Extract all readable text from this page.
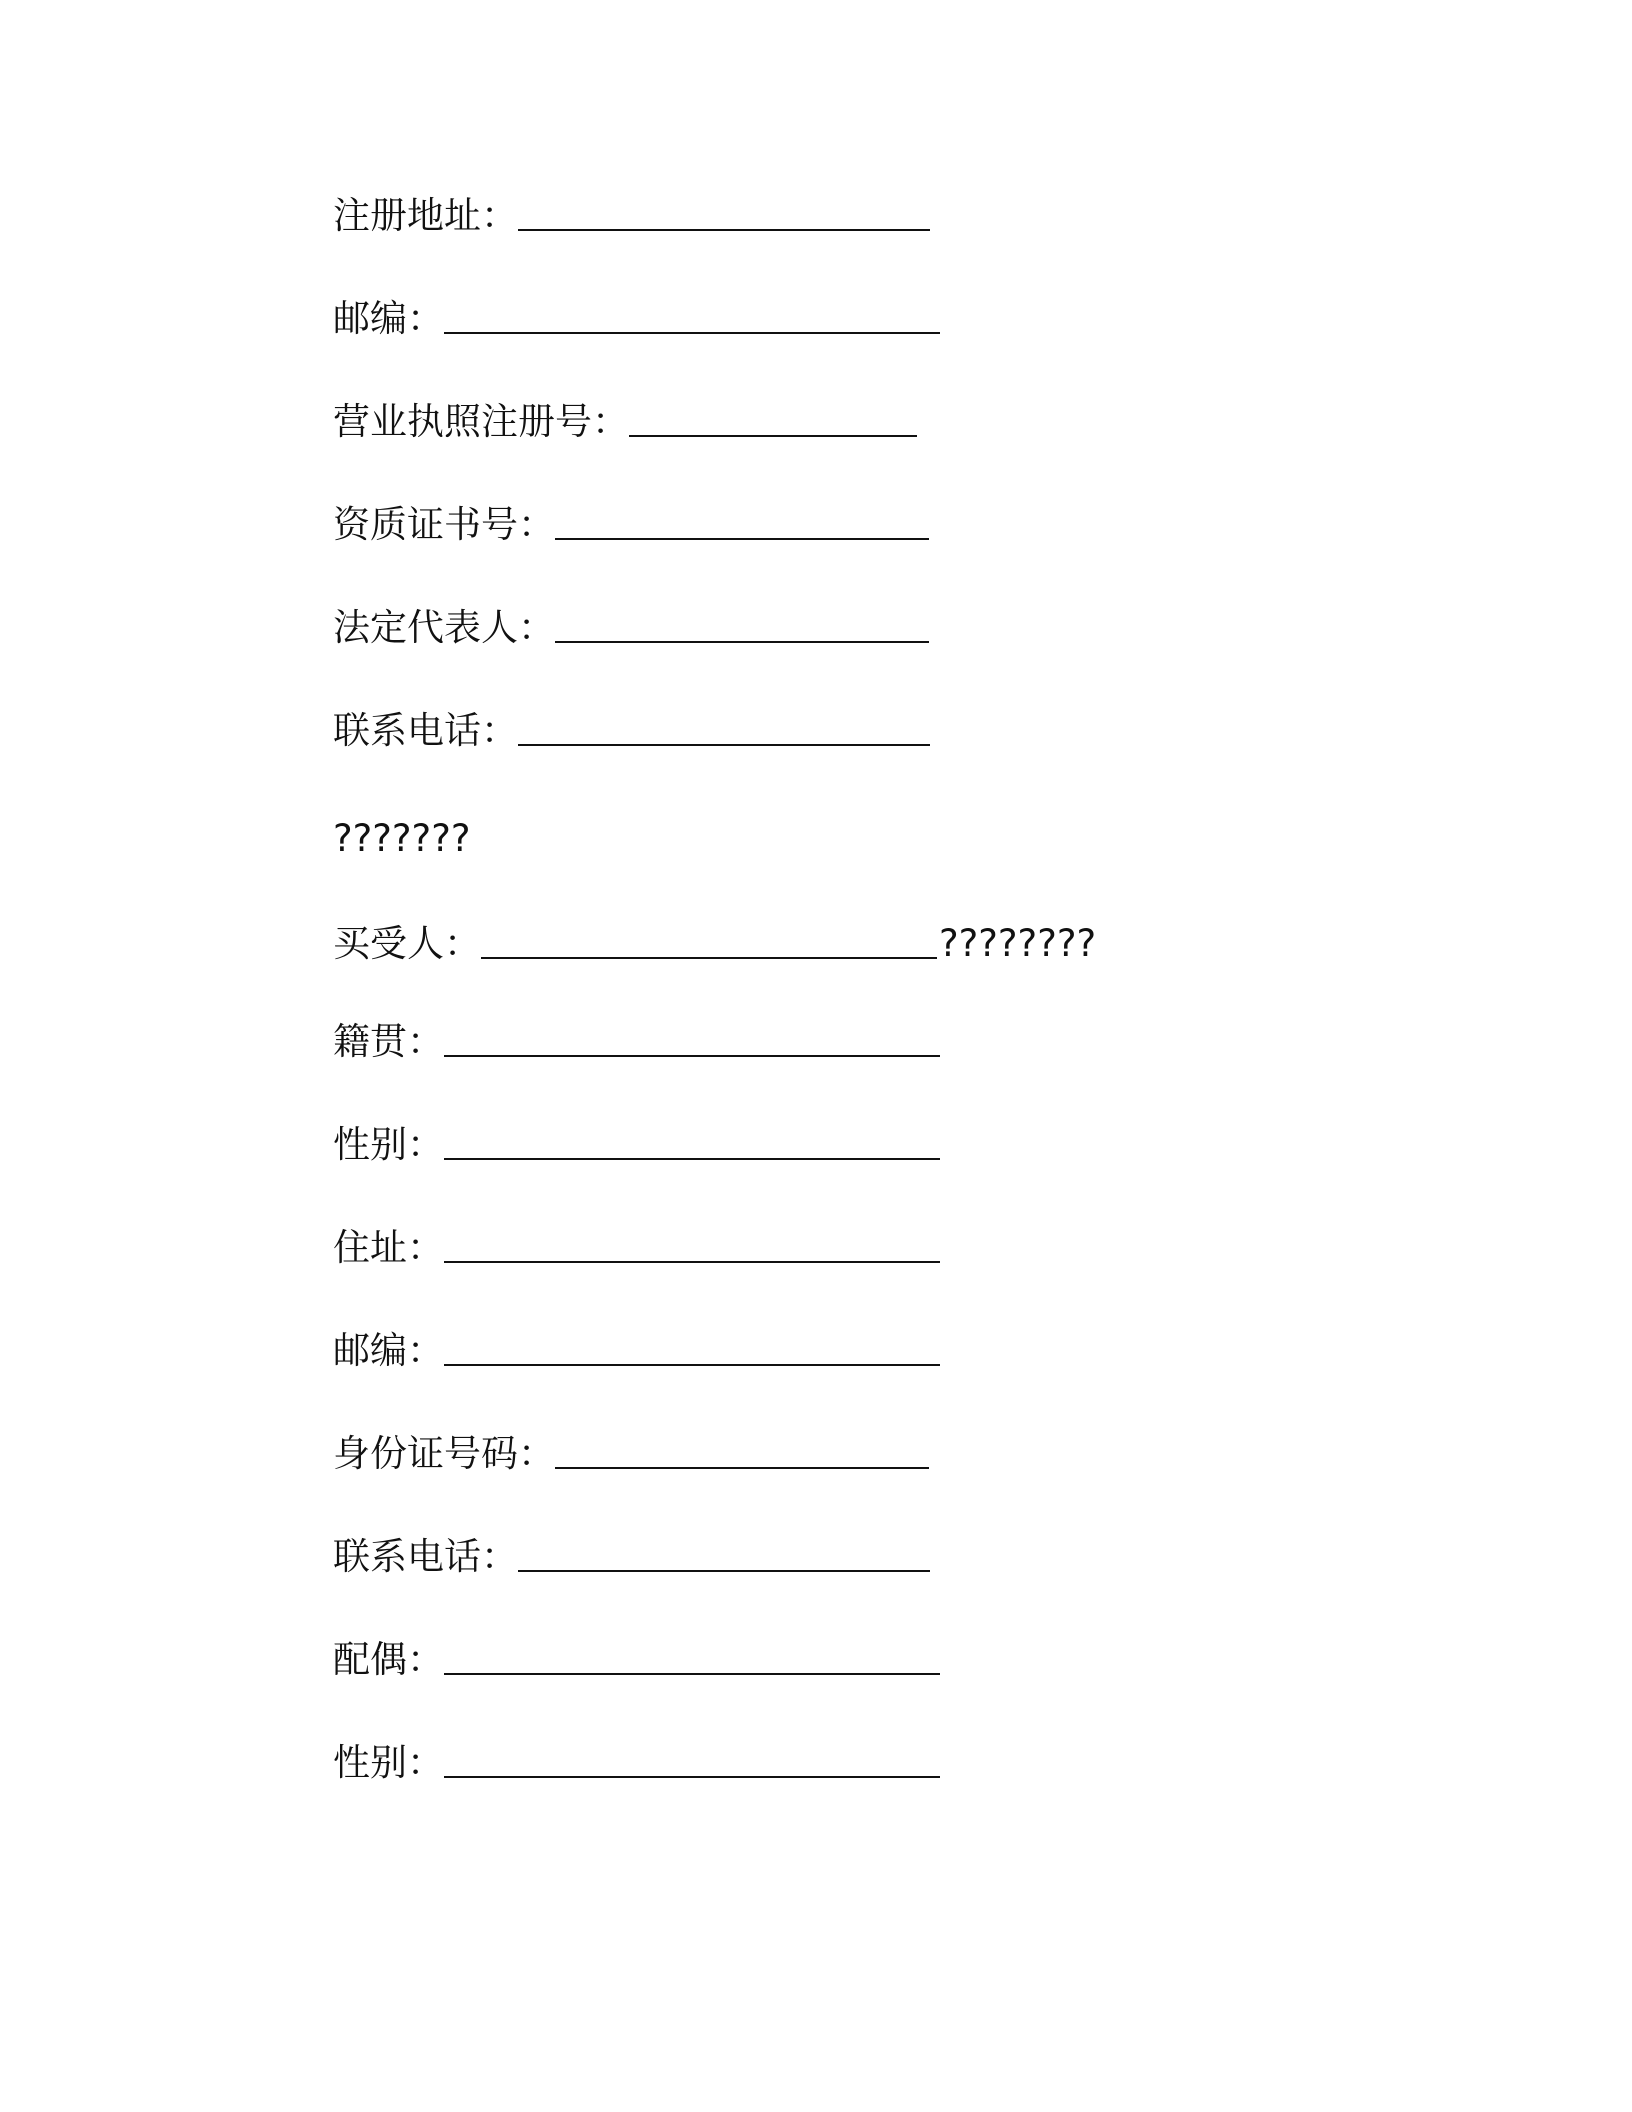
注册地址：
邮编：
营业执照注册号：
资质证书号：
法定代表人：
联系电话：
???????
买受人：	????????
籍贯：
性别：
住址：
邮编：
身份证号码：
联系电话：
配偶：
性别：
